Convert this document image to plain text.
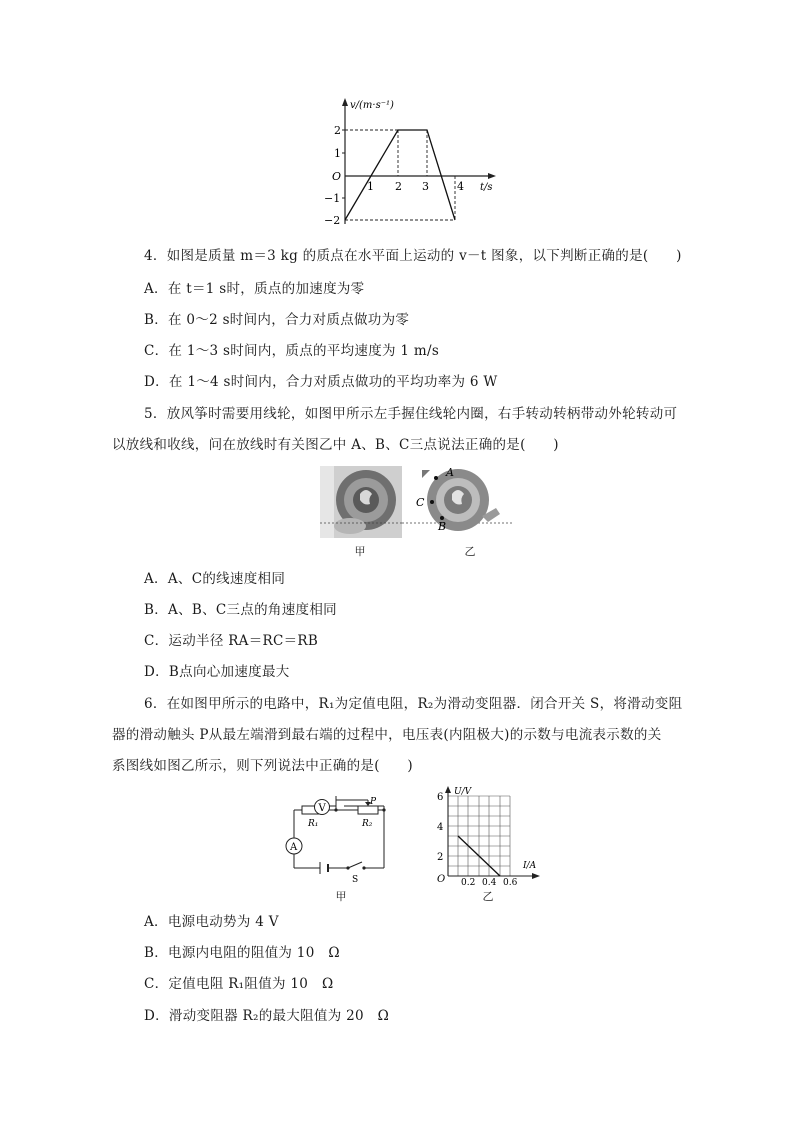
v/(m·s⁻¹)
t/s
O
2
1
−1
−2
1 2 3	4
4．如图是质量 m＝3 kg 的质点在水平面上运动的 v－t 图象，以下判断正确的是(　　)
A．在 t＝1 s时，质点的加速度为零
B．在 0～2 s时间内，合力对质点做功为零
C．在 1～3 s时间内，质点的平均速度为 1 m/s
D．在 1～4 s时间内，合力对质点做功的平均功率为 6 W
5．放风筝时需要用线轮，如图甲所示左手握住线轮内圈，右手转动转柄带动外轮转动可
以放线和收线，问在放线时有关图乙中 A、B、C三点说法正确的是(　　)
甲
A
C
B
乙
A．A、C的线速度相同
B．A、B、C三点的角速度相同
C．运动半径 RA＝RC＝RB
D．B点向心加速度最大
6．在如图甲所示的电路中，R₁为定值电阻，R₂为滑动变阻器．闭合开关 S，将滑动变阻
器的滑动触头 P从最左端滑到最右端的过程中，电压表(内阻极大)的示数与电流表示数的关
系图线如图乙所示，则下列说法中正确的是(　　)
A
R₁	R₂
P
S
V
甲
U/V
I/A
O
6
4
2
0.2 0.4 0.6
乙
A．电源电动势为 4 V
B．电源内电阻的阻值为 10　Ω
C．定值电阻 R₁阻值为 10　Ω
D．滑动变阻器 R₂的最大阻值为 20　Ω
